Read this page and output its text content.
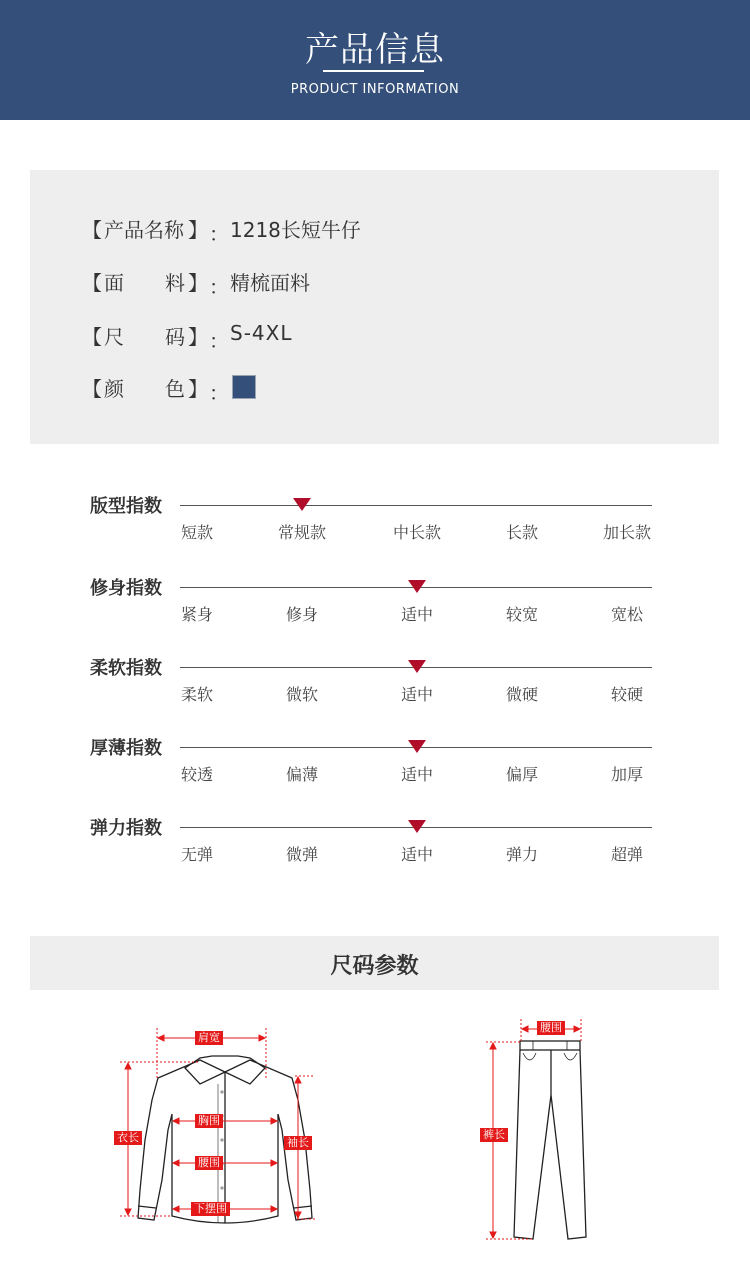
产品信息
PRODUCT INFORMATION
【 产品名称 】 ： 1218长短牛仔
【 面 料 】 ： 精梳面料
【 尺 码 】 ： S-4XL
【 颜 色 】 ：
版型指数
短款	常规款	中长款	长款	加长款
修身指数
紧身	修身	适中	较宽	宽松
柔软指数
柔软	微软	适中	微硬	较硬
厚薄指数
较透	偏薄	适中	偏厚	加厚
弹力指数
无弹	微弹	适中	弹力	超弹
尺码参数
肩宽
衣长	袖长
胸围
腰围
下摆围
腰围
裤长
